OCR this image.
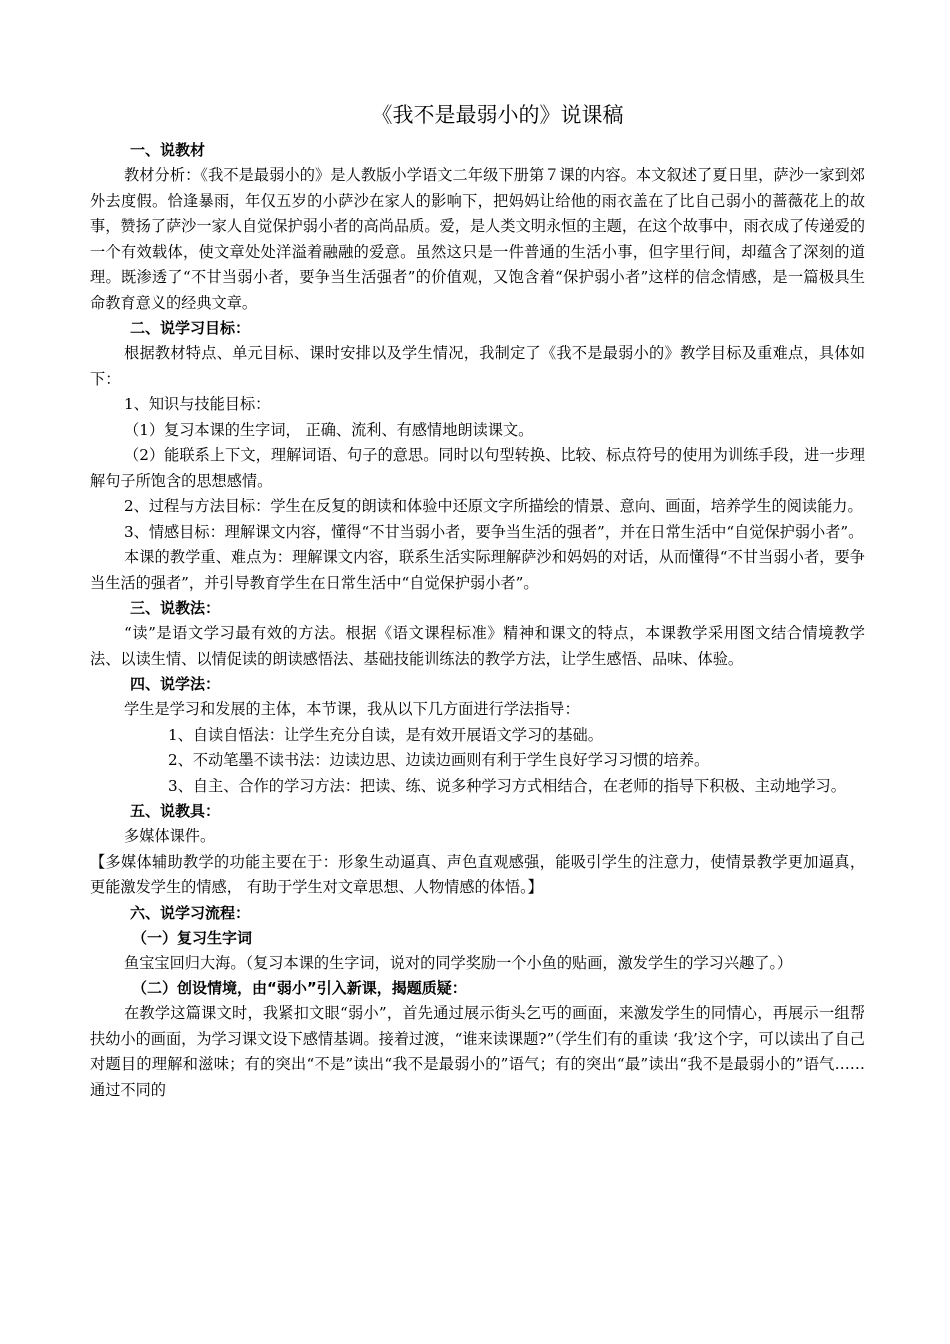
《我不是最弱小的》说课稿

一、说教材

教材分析：《我不是最弱小的》是人教版小学语文二年级下册第７课的内容。本文叙述了夏日里，萨沙一家到郊外去度假。恰逢暴雨，年仅五岁的小萨沙在家人的影响下，把妈妈让给他的雨衣盖在了比自己弱小的蔷薇花上的故事，赞扬了萨沙一家人自觉保护弱小者的高尚品质。爱，是人类文明永恒的主题，在这个故事中，雨衣成了传递爱的一个有效载体，使文章处处洋溢着融融的爱意。虽然这只是一件普通的生活小事，但字里行间，却蕴含了深刻的道理。既渗透了“不甘当弱小者，要争当生活强者”的价值观，又饱含着“保护弱小者”这样的信念情感，是一篇极具生命教育意义的经典文章。

二、说学习目标：

根据教材特点、单元目标、课时安排以及学生情况，我制定了《我不是最弱小的》教学目标及重难点，具体如下：

1、知识与技能目标：

（1）复习本课的生字词， 正确、流利、有感情地朗读课文。

（2）能联系上下文，理解词语、句子的意思。同时以句型转换、比较、标点符号的使用为训练手段，进一步理解句子所饱含的思想感情。

2、过程与方法目标：学生在反复的朗读和体验中还原文字所描绘的情景、意向、画面，培养学生的阅读能力。

3、情感目标：理解课文内容，懂得“不甘当弱小者，要争当生活的强者”，并在日常生活中“自觉保护弱小者”。

本课的教学重、难点为：理解课文内容，联系生活实际理解萨沙和妈妈的对话，从而懂得“不甘当弱小者，要争当生活的强者”，并引导教育学生在日常生活中“自觉保护弱小者”。

三、说教法：

“读”是语文学习最有效的方法。根据《语文课程标准》精神和课文的特点，本课教学采用图文结合情境教学法、以读生情、以情促读的朗读感悟法、基础技能训练法的教学方法，让学生感悟、品味、体验。

四、说学法：

学生是学习和发展的主体，本节课，我从以下几方面进行学法指导：

1、自读自悟法：让学生充分自读，是有效开展语文学习的基础。

2、不动笔墨不读书法：边读边思、边读边画则有利于学生良好学习习惯的培养。

3、自主、合作的学习方法：把读、练、说多种学习方式相结合，在老师的指导下积极、主动地学习。

五、说教具：

多媒体课件。

【多媒体辅助教学的功能主要在于：形象生动逼真、声色直观感强，能吸引学生的注意力，使情景教学更加逼真， 更能激发学生的情感， 有助于学生对文章思想、人物情感的体悟。】

六、说学习流程：

（一）复习生字词

鱼宝宝回归大海。（复习本课的生字词，说对的同学奖励一个小鱼的贴画，激发学生的学习兴趣了。）

（二）创设情境，由“弱小”引入新课，揭题质疑：

在教学这篇课文时，我紧扣文眼“弱小”，首先通过展示街头乞丐的画面，来激发学生的同情心，再展示一组帮扶幼小的画面，为学习课文设下感情基调。接着过渡，“谁来读课题?”（学生们有的重读 ‘我’这个字，可以读出了自己对题目的理解和滋味；有的突出“不是”读出“我不是最弱小的”语气；有的突出“最”读出“我不是最弱小的”语气……通过不同的
